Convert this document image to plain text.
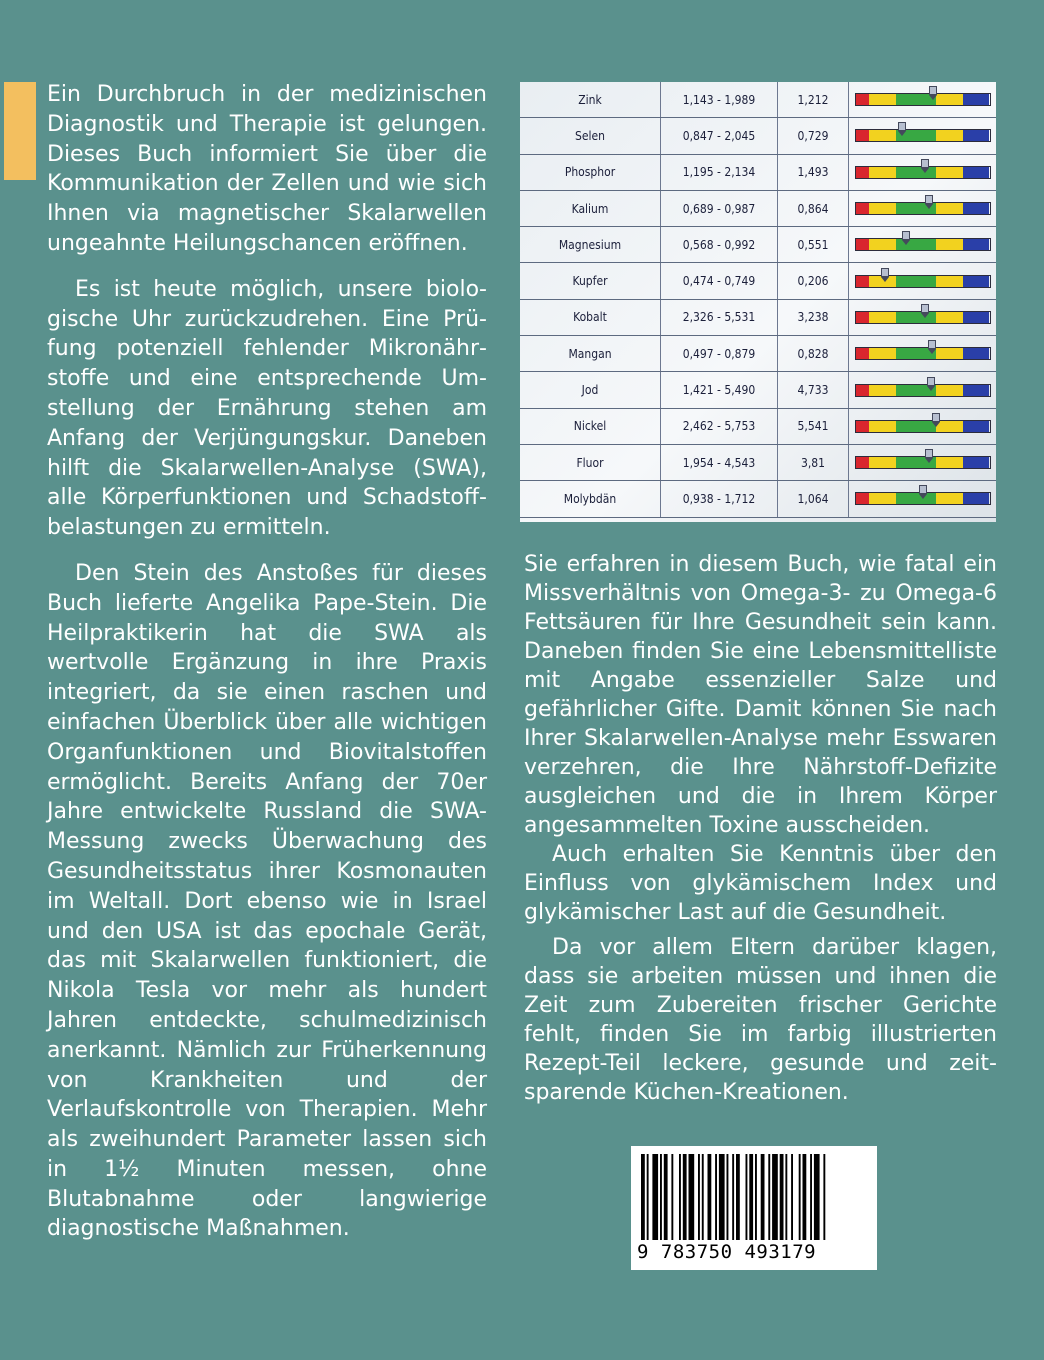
Ein Durchbruch in der medizinischen Diagnostik und Therapie ist gelungen. Dieses Buch informiert Sie über die Kommunikation der Zellen und wie sich Ihnen via magnetischer Skalarwellen ungeahnte Heilungschancen eröffnen.

Es ist heute möglich, unsere biologische Uhr zurückzudrehen. Eine Prüfung potenziell fehlender Mikronährstoffe und eine entsprechende Umstellung der Ernährung stehen am Anfang der Verjüngungskur. Daneben hilft die Skalarwellen-Analyse (SWA), alle Körperfunktionen und Schadstoffbelastungen zu ermitteln.

Den Stein des Anstoßes für dieses Buch lieferte Angelika Pape-Stein. Die Heilpraktikerin hat die SWA als wertvolle Ergänzung in ihre Praxis integriert, da sie einen raschen und einfachen Überblick über alle wichtigen Organfunktionen und Biovitalstoffen ermöglicht. Bereits Anfang der 70er Jahre entwickelte Russland die SWA-Messung zwecks Überwachung des Gesundheitsstatus ihrer Kosmonauten im Weltall. Dort ebenso wie in Israel und den USA ist das epochale Gerät, das mit Skalarwellen funktioniert, die Nikola Tesla vor mehr als hundert Jahren entdeckte, schulmedizinisch anerkannt. Nämlich zur Früherkennung von Krankheiten und der Verlaufskontrolle von Therapien. Mehr als zweihundert Parameter lassen sich in 1½ Minuten messen, ohne Blutabnahme oder langwierige diagnostische Maßnahmen.

Zink	1,143 - 1,989	1,212	

Selen	0,847 - 2,045	0,729	

Phosphor	1,195 - 2,134	1,493	

Kalium	0,689 - 0,987	0,864	

Magnesium	0,568 - 0,992	0,551	

Kupfer	0,474 - 0,749	0,206	

Kobalt	2,326 - 5,531	3,238	

Mangan	0,497 - 0,879	0,828	

Jod	1,421 - 5,490	4,733	

Nickel	2,462 - 5,753	5,541	

Fluor	1,954 - 4,543	3,81	

Molybdän	0,938 - 1,712	1,064	

Sie erfahren in diesem Buch, wie fatal ein Missverhältnis von Omega-3- zu Omega-6 Fettsäuren für Ihre Gesundheit sein kann. Daneben finden Sie eine Lebensmittelliste mit Angabe essenzieller Salze und gefährlicher Gifte. Damit können Sie nach Ihrer Skalarwellen-Analyse mehr Esswaren verzehren, die Ihre Nährstoff-Defizite ausgleichen und die in Ihrem Körper angesammelten Toxine ausscheiden.

Auch erhalten Sie Kenntnis über den Einfluss von glykämischem Index und glykämischer Last auf die Gesundheit.

Da vor allem Eltern darüber klagen, dass sie arbeiten müssen und ihnen die Zeit zum Zubereiten frischer Gerichte fehlt, finden Sie im farbig illustrierten Rezept-Teil leckere, gesunde und zeitsparende Küchen-Kreationen.

9 783750 493179
